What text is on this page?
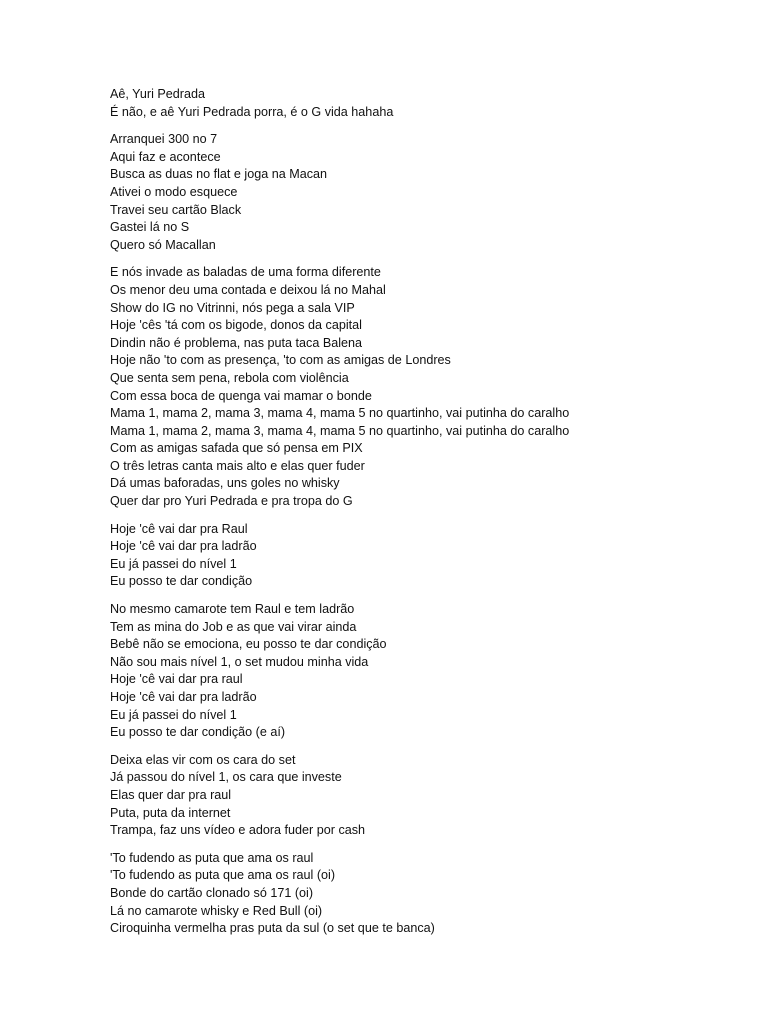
Aê, Yuri Pedrada
É não, e aê Yuri Pedrada porra, é o G vida hahaha
Arranquei 300 no 7
Aqui faz e acontece
Busca as duas no flat e joga na Macan
Ativei o modo esquece
Travei seu cartão Black
Gastei lá no S
Quero só Macallan
E nós invade as baladas de uma forma diferente
Os menor deu uma contada e deixou lá no Mahal
Show do IG no Vitrinni, nós pega a sala VIP
Hoje 'cês 'tá com os bigode, donos da capital
Dindin não é problema, nas puta taca Balena
Hoje não 'to com as presença, 'to com as amigas de Londres
Que senta sem pena, rebola com violência
Com essa boca de quenga vai mamar o bonde
Mama 1, mama 2, mama 3, mama 4, mama 5 no quartinho, vai putinha do caralho
Mama 1, mama 2, mama 3, mama 4, mama 5 no quartinho, vai putinha do caralho
Com as amigas safada que só pensa em PIX
O três letras canta mais alto e elas quer fuder
Dá umas baforadas, uns goles no whisky
Quer dar pro Yuri Pedrada e pra tropa do G
Hoje 'cê vai dar pra Raul
Hoje 'cê vai dar pra ladrão
Eu já passei do nível 1
Eu posso te dar condição
No mesmo camarote tem Raul e tem ladrão
Tem as mina do Job e as que vai virar ainda
Bebê não se emociona, eu posso te dar condição
Não sou mais nível 1, o set mudou minha vida
Hoje 'cê vai dar pra raul
Hoje 'cê vai dar pra ladrão
Eu já passei do nível 1
Eu posso te dar condição (e aí)
Deixa elas vir com os cara do set
Já passou do nível 1, os cara que investe
Elas quer dar pra raul
Puta, puta da internet
Trampa, faz uns vídeo e adora fuder por cash
'To fudendo as puta que ama os raul
'To fudendo as puta que ama os raul (oi)
Bonde do cartão clonado só 171 (oi)
Lá no camarote whisky e Red Bull (oi)
Ciroquinha vermelha pras puta da sul (o set que te banca)
